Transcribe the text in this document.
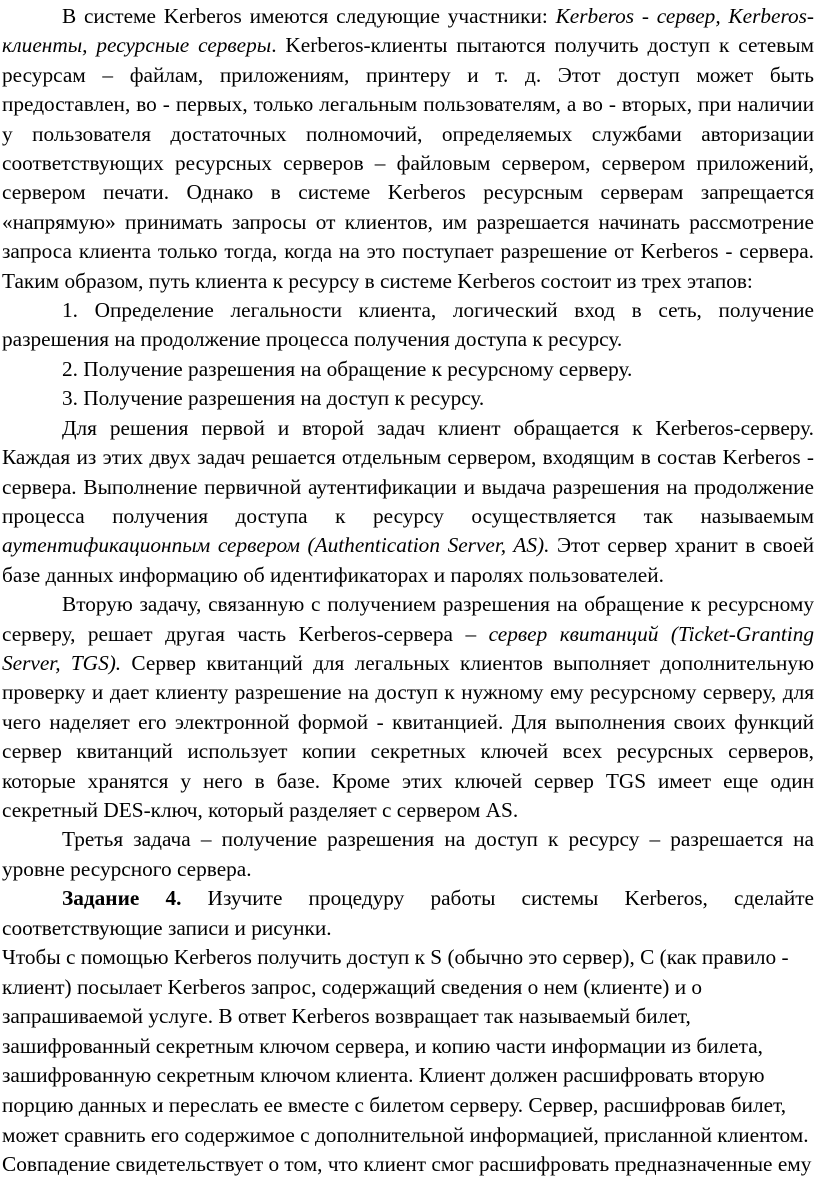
В системе Kerberos имеются следующие участники: Kerberos - сервер, Kerberos-клиенты, ресурсные серверы. Kerberos-клиенты пытаются получить доступ к сетевым ресурсам – файлам, приложениям, принтеру и т. д. Этот доступ может быть предоставлен, во - первых, только легальным пользователям, а во - вторых, при наличии у пользователя достаточных полномочий, определяемых службами авторизации соответствующих ресурсных серверов – файловым сервером, сервером приложений, сервером печати. Однако в системе Kerberos ресурсным серверам запрещается «напрямую» принимать запросы от клиентов, им разрешается начинать рассмотрение запроса клиента только тогда, когда на это поступает разрешение от Kerberos - сервера. Таким образом, путь клиента к ресурсу в системе Kerberos состоит из трех этапов:

1. Определение легальности клиента, логический вход в сеть, получение разрешения на продолжение процесса получения доступа к ресурсу.

2. Получение разрешения на обращение к ресурсному серверу.

3. Получение разрешения на доступ к ресурсу.

Для решения первой и второй задач клиент обращается к Kerberos-серверу. Каждая из этих двух задач решается отдельным сервером, входящим в состав Kerberos - сервера. Выполнение первичной аутентификации и выдача разрешения на продолжение процесса получения доступа к ресурсу осуществляется так называемым аутентификационпым сервером (Authentication Server, AS). Этот сервер хранит в своей базе данных информацию об идентификаторах и паролях пользователей.

Вторую задачу, связанную с получением разрешения на обращение к ресурсному серверу, решает другая часть Kerberos-сервера – сервер квитанций (Ticket-Granting Server, TGS). Сервер квитанций для легальных клиентов выполняет дополнительную проверку и дает клиенту разрешение на доступ к нужному ему ресурсному серверу, для чего наделяет его электронной формой - квитанцией. Для выполнения своих функций сервер квитанций использует копии секретных ключей всех ресурсных серверов, которые хранятся у него в базе. Кроме этих ключей сервер TGS имеет еще один секретный DES-ключ, который разделяет с сервером AS.

Третья задача – получение разрешения на доступ к ресурсу – разрешается на уровне ресурсного сервера.

Задание 4. Изучите процедуру работы системы Kerberos, сделайте соответствующие записи и рисунки.

Чтобы с помощью Kerberos получить доступ к S (обычно это сервер), C (как правило - клиент) посылает Kerberos запрос, содержащий сведения о нем (клиенте) и о запрашиваемой услуге. В ответ Kerberos возвращает так называемый билет, зашифрованный секретным ключом сервера, и копию части информации из билета, зашифрованную секретным ключом клиента. Клиент должен расшифровать вторую порцию данных и переслать ее вместе с билетом серверу. Сервер, расшифровав билет, может сравнить его содержимое с дополнительной информацией, присланной клиентом. Совпадение свидетельствует о том, что клиент смог расшифровать предназначенные ему
